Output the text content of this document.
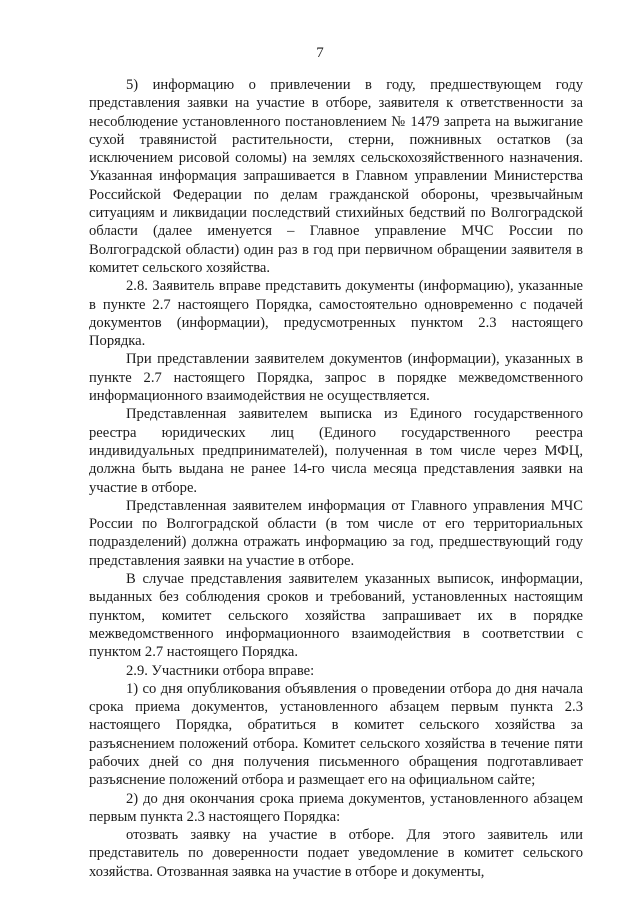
7

5) информацию о привлечении в году, предшествующем году представления заявки на участие в отборе, заявителя к ответственности за несоблюдение установленного постановлением № 1479 запрета на выжигание сухой травянистой растительности, стерни, пожнивных остатков (за исключением рисовой соломы) на землях сельскохозяйственного назначения. Указанная информация запрашивается в Главном управлении Министерства Российской Федерации по делам гражданской обороны, чрезвычайным ситуациям и ликвидации последствий стихийных бедствий по Волгоградской области (далее именуется – Главное управление МЧС России по Волгоградской области) один раз в год при первичном обращении заявителя в комитет сельского хозяйства.

2.8. Заявитель вправе представить документы (информацию), указанные в пункте 2.7 настоящего Порядка, самостоятельно одновременно с подачей документов (информации), предусмотренных пунктом 2.3 настоящего Порядка.

При представлении заявителем документов (информации), указанных в пункте 2.7 настоящего Порядка, запрос в порядке межведомственного информационного взаимодействия не осуществляется.

Представленная заявителем выписка из Единого государственного реестра юридических лиц (Единого государственного реестра индивидуальных предпринимателей), полученная в том числе через МФЦ, должна быть выдана не ранее 14-го числа месяца представления заявки на участие в отборе.

Представленная заявителем информация от Главного управления МЧС России по Волгоградской области (в том числе от его территориальных подразделений) должна отражать информацию за год, предшествующий году представления заявки на участие в отборе.

В случае представления заявителем указанных выписок, информации, выданных без соблюдения сроков и требований, установленных настоящим пунктом, комитет сельского хозяйства запрашивает их в порядке межведомственного информационного взаимодействия в соответствии с пунктом 2.7 настоящего Порядка.

2.9. Участники отбора вправе:

1) со дня опубликования объявления о проведении отбора до дня начала срока приема документов, установленного абзацем первым пункта 2.3 настоящего Порядка, обратиться в комитет сельского хозяйства за разъяснением положений отбора. Комитет сельского хозяйства в течение пяти рабочих дней со дня получения письменного обращения подготавливает разъяснение положений отбора и размещает его на официальном сайте;

2) до дня окончания срока приема документов, установленного абзацем первым пункта 2.3 настоящего Порядка:

отозвать заявку на участие в отборе. Для этого заявитель или представитель по доверенности подает уведомление в комитет сельского хозяйства. Отозванная заявка на участие в отборе и документы,
